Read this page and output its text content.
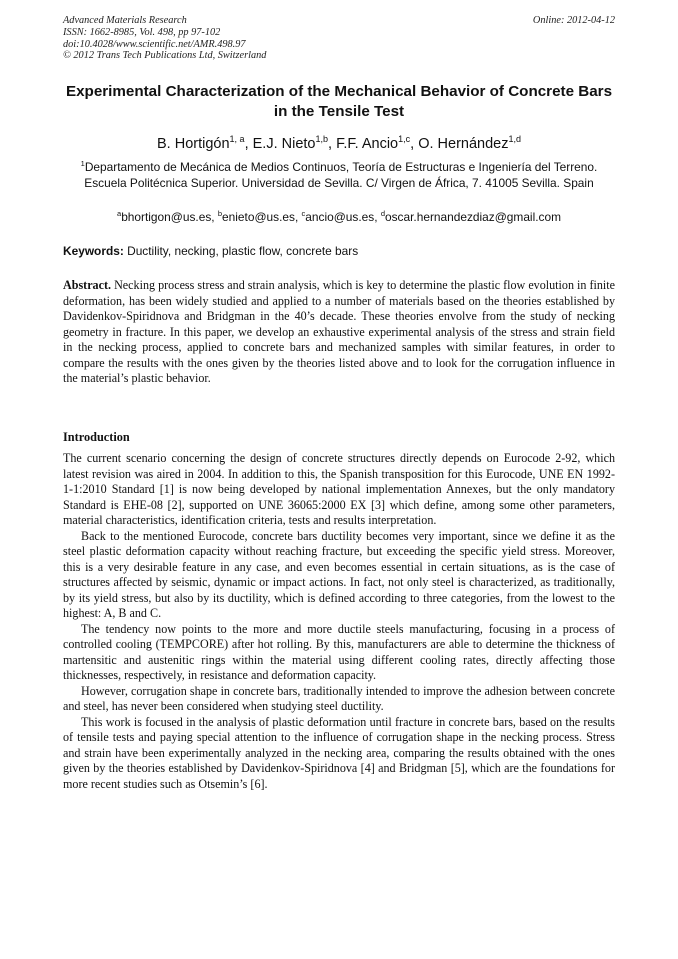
Advanced Materials Research
ISSN: 1662-8985, Vol. 498, pp 97-102
doi:10.4028/www.scientific.net/AMR.498.97
© 2012 Trans Tech Publications Ltd, Switzerland
Online: 2012-04-12
Experimental Characterization of the Mechanical Behavior of Concrete Bars in the Tensile Test
B. Hortigón$^{1, a}$, E.J. Nieto$^{1,b}$, F.F. Ancio$^{1,c}$, O. Hernández$^{1,d}$
$^1$Departamento de Mecánica de Medios Continuos, Teoría de Estructuras e Ingeniería del Terreno. Escuela Politécnica Superior. Universidad de Sevilla. C/ Virgen de África, 7. 41005 Sevilla. Spain
$^a$bhortigon@us.es, $^b$enieto@us.es, $^c$ancio@us.es, $^d$oscar.hernandezdiaz@gmail.com
Keywords: Ductility, necking, plastic flow, concrete bars
Abstract. Necking process stress and strain analysis, which is key to determine the plastic flow evolution in finite deformation, has been widely studied and applied to a number of materials based on the theories established by Davidenkov-Spiridnova and Bridgman in the 40’s decade. These theories envolve from the study of necking geometry in fracture. In this paper, we develop an exhaustive experimental analysis of the stress and strain field in the necking process, applied to concrete bars and mechanized samples with similar features, in order to compare the results with the ones given by the theories listed above and to look for the corrugation influence in the material’s plastic behavior.
Introduction

The current scenario concerning the design of concrete structures directly depends on Eurocode 2-92, which latest revision was aired in 2004. In addition to this, the Spanish transposition for this Eurocode, UNE EN 1992-1-1:2010 Standard [1] is now being developed by national implementation Annexes, but the only mandatory Standard is EHE-08 [2], supported on UNE 36065:2000 EX [3] which define, among some other parameters, material characteristics, identification criteria, tests and results interpretation.

Back to the mentioned Eurocode, concrete bars ductility becomes very important, since we define it as the steel plastic deformation capacity without reaching fracture, but exceeding the specific yield stress. Moreover, this is a very desirable feature in any case, and even becomes essential in certain situations, as is the case of structures affected by seismic, dynamic or impact actions. In fact, not only steel is characterized, as traditionally, by its yield stress, but also by its ductility, which is defined according to three categories, from the lowest to the highest: A, B and C.

The tendency now points to the more and more ductile steels manufacturing, focusing in a process of controlled cooling (TEMPCORE) after hot rolling. By this, manufacturers are able to determine the thickness of martensitic and austenitic rings within the material using different cooling rates, directly affecting those thicknesses, respectively, in resistance and deformation capacity.

However, corrugation shape in concrete bars, traditionally intended to improve the adhesion between concrete and steel, has never been considered when studying steel ductility.

This work is focused in the analysis of plastic deformation until fracture in concrete bars, based on the results of tensile tests and paying special attention to the influence of corrugation shape in the necking process. Stress and strain have been experimentally analyzed in the necking area, comparing the results obtained with the ones given by the theories established by Davidenkov-Spiridnova [4] and Bridgman [5], which are the foundations for more recent studies such as Otsemin’s [6].
